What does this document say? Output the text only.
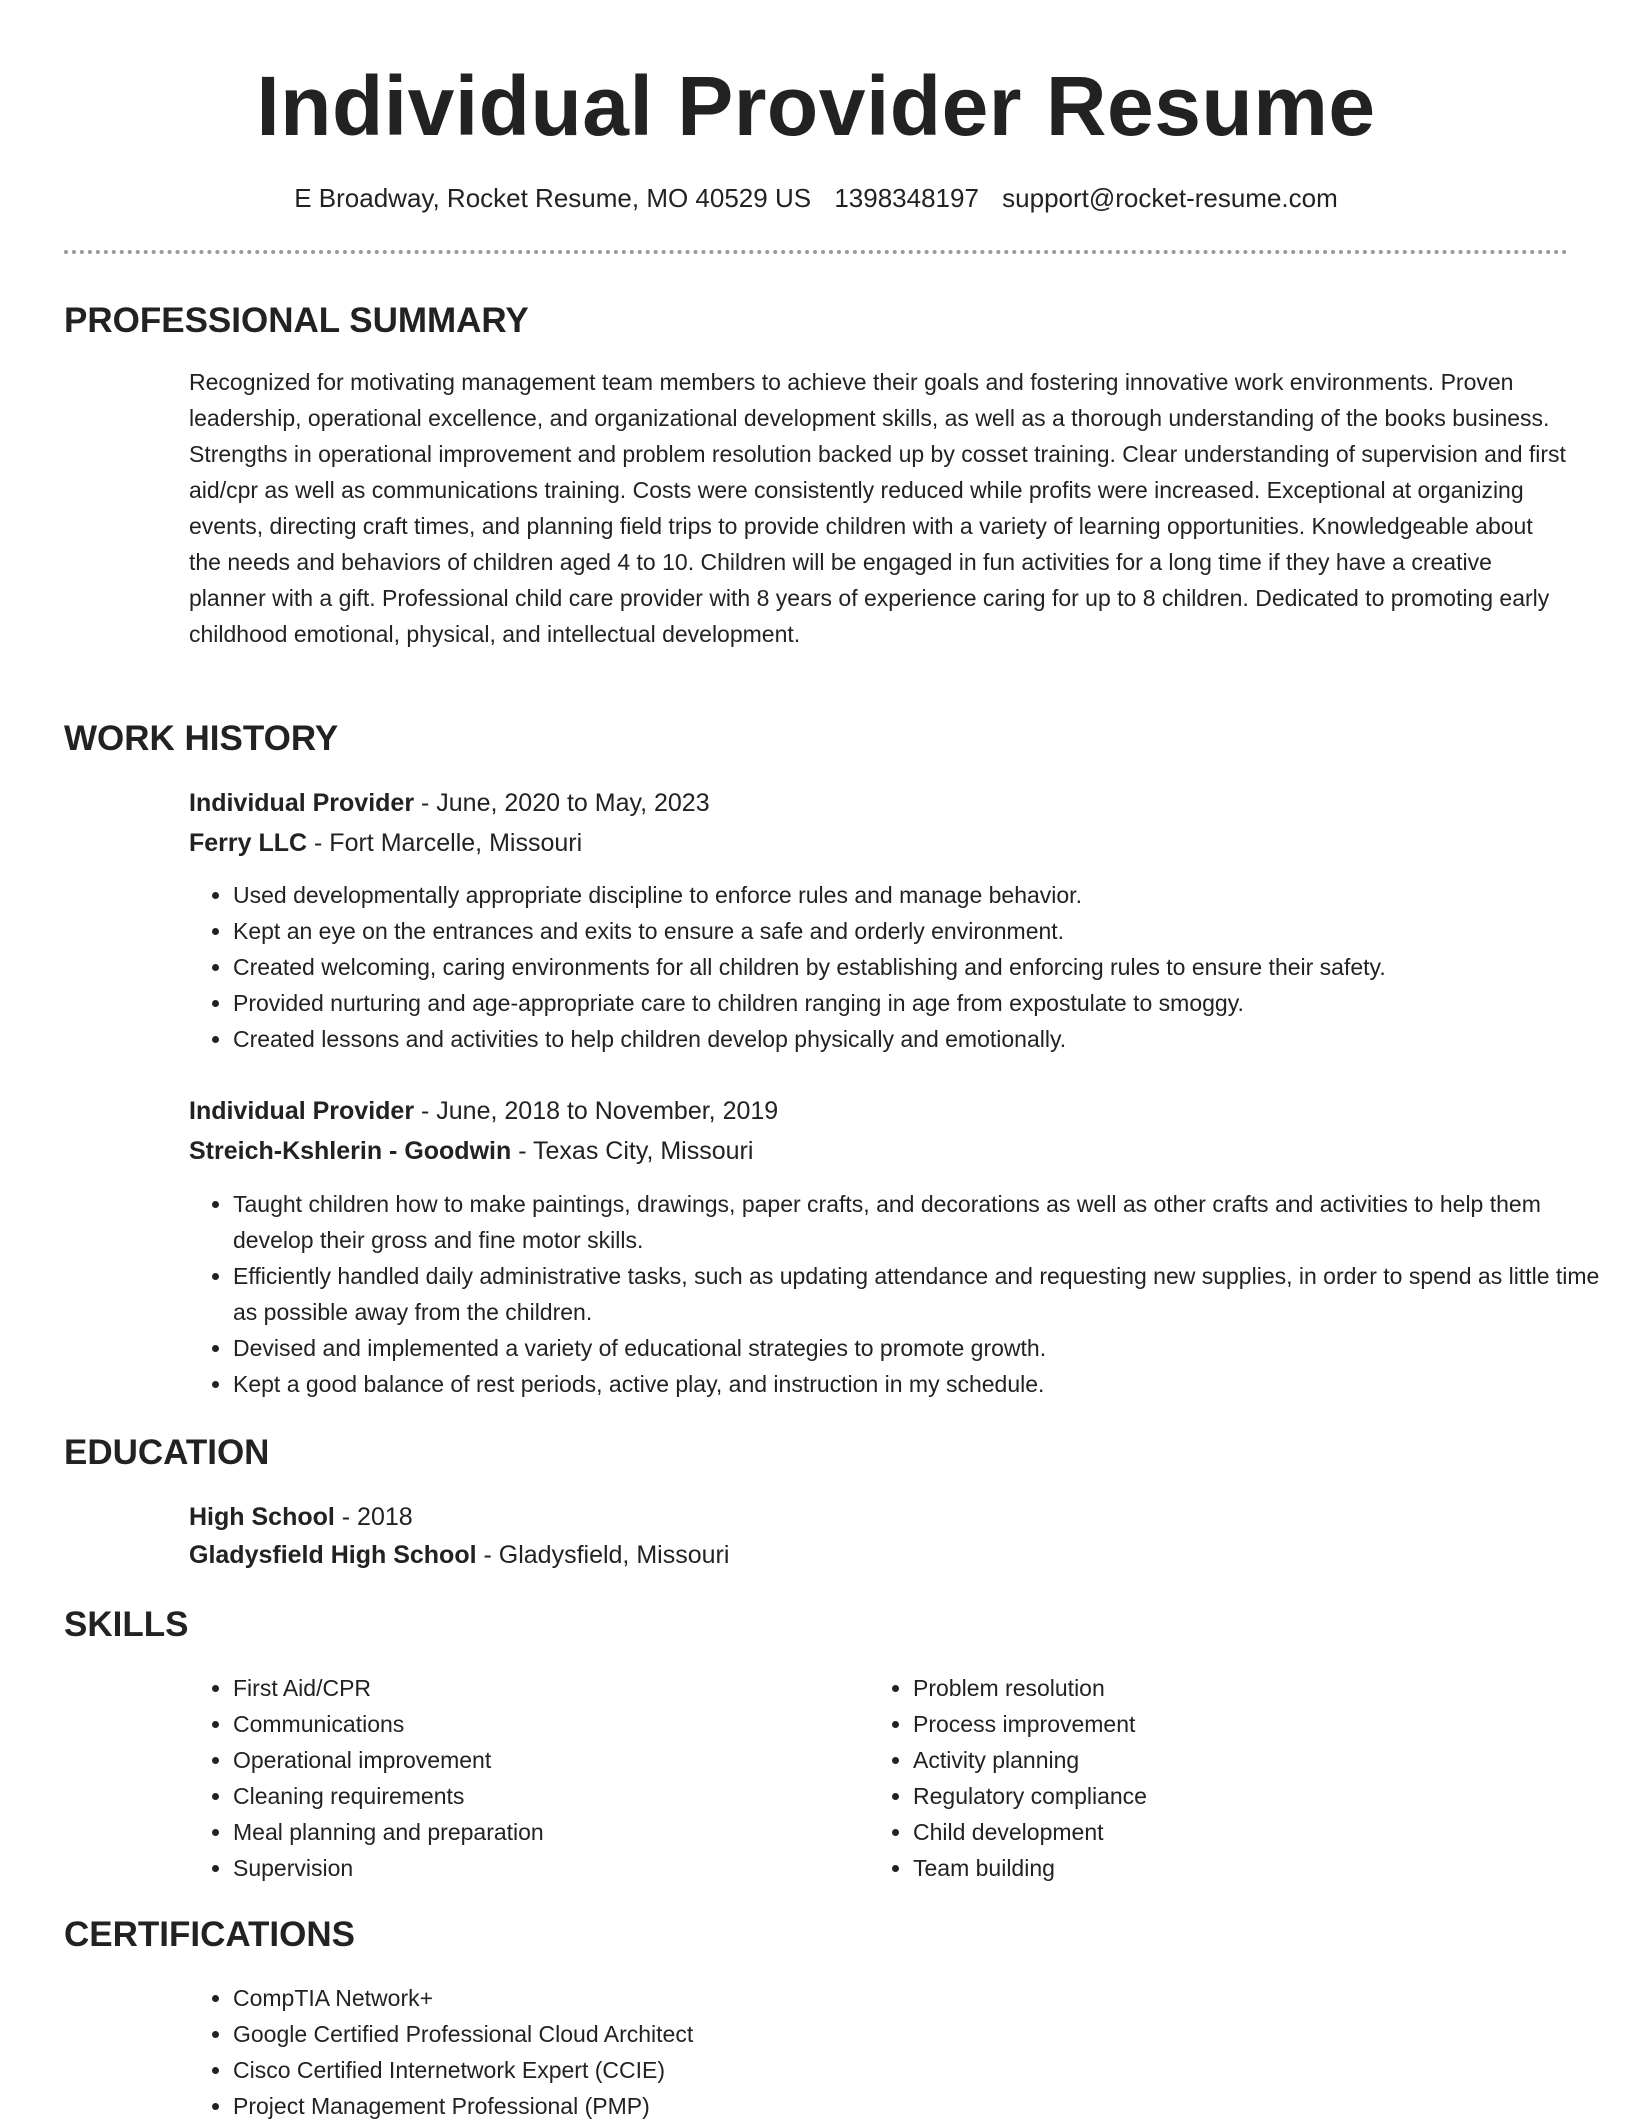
Individual Provider Resume
E Broadway, Rocket Resume, MO 40529 US 1398348197 support@rocket-resume.com
PROFESSIONAL SUMMARY

Recognized for motivating management team members to achieve their goals and fostering innovative work environments. Proven leadership, operational excellence, and organizational development skills, as well as a thorough understanding of the books business. Strengths in operational improvement and problem resolution backed up by cosset training. Clear understanding of supervision and first aid/cpr as well as communications training. Costs were consistently reduced while profits were increased. Exceptional at organizing events, directing craft times, and planning field trips to provide children with a variety of learning opportunities. Knowledgeable about the needs and behaviors of children aged 4 to 10. Children will be engaged in fun activities for a long time if they have a creative planner with a gift. Professional child care provider with 8 years of experience caring for up to 8 children. Dedicated to promoting early childhood emotional, physical, and intellectual development.

WORK HISTORY
Individual Provider - June, 2020 to May, 2023
Ferry LLC - Fort Marcelle, Missouri
• Used developmentally appropriate discipline to enforce rules and manage behavior.
• Kept an eye on the entrances and exits to ensure a safe and orderly environment.
• Created welcoming, caring environments for all children by establishing and enforcing rules to ensure their safety.
• Provided nurturing and age-appropriate care to children ranging in age from expostulate to smoggy.
• Created lessons and activities to help children develop physically and emotionally.
Individual Provider - June, 2018 to November, 2019
Streich-Kshlerin - Goodwin - Texas City, Missouri
• Taught children how to make paintings, drawings, paper crafts, and decorations as well as other crafts and activities to help them develop their gross and fine motor skills.
• Efficiently handled daily administrative tasks, such as updating attendance and requesting new supplies, in order to spend as little time as possible away from the children.
• Devised and implemented a variety of educational strategies to promote growth.
• Kept a good balance of rest periods, active play, and instruction in my schedule.
EDUCATION
High School - 2018
Gladysfield High School - Gladysfield, Missouri
SKILLS
• First Aid/CPR
• Communications
• Operational improvement
• Cleaning requirements
• Meal planning and preparation
• Supervision
• Problem resolution
• Process improvement
• Activity planning
• Regulatory compliance
• Child development
• Team building
CERTIFICATIONS
• CompTIA Network+
• Google Certified Professional Cloud Architect
• Cisco Certified Internetwork Expert (CCIE)
• Project Management Professional (PMP)
